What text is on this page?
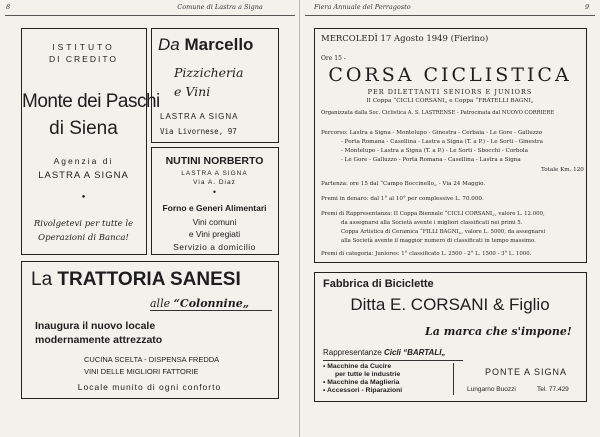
8	Comune di Lastra a Signa
ISTITUTO
DI CREDITO
Monte dei Paschi
di Siena
Agenzia di
LASTRA A SIGNA
•
Rivolgetevi per tutte le
Operazioni di Banca!
Da Marcello
Pizzicheria
e Vini
LASTRA A SIGNA
Via Livornese, 97
NUTINI NORBERTO
LASTRA A SIGNA
Via A. Diaz
•
Forno e Generi Alimentari
Vini comuni
e Vini pregiati
Servizio a domicilio
La TRATTORIA SANESI
alle “Colonnine„
Inaugura il nuovo locale
modernamente attrezzato
CUCINA SCELTA - DISPENSA FREDDA
VINI DELLE MIGLIORI FATTORIE
Locale munito di ogni conforto
Fiera Annuale del Perragosto	9
MERCOLEDÌ 17 Agosto 1949 (Fierino)
Ore 15 -
CORSA CICLISTICA
PER DILETTANTI SENIORS E JUNIORS
II Coppa “CICLI CORSANI„ e Coppa “FRATELLI BAGNI„
Organizzata dalla Soc. Ciclistica A. S. LASTRENSE - Patrocinata dal NUOVO CORRIERE
Percorso: Lastra a Signa - Montelupo - Ginestra - Cerbaia - Le Gore - Galluzzo
- Porta Romana - Casellina - Lastra a Signa (T. a P.) - Le Sorti - Ginestra
- Montelupo - Lastra a Signa (T. a P.) - Le Sorti - Sbocchi - Corbola
- Le Gore - Galluzzo - Porta Romana - Casellina - Lastra a Signa
Totale Km. 120
Partenza: ore 15 dal “Campo Boccinello„ - Via 24 Maggio.
Premi in denaro: dal 1° al 10° per complessive L. 70.000.
Premi di Rappresentanza: II Coppa Biennale “CICLI CORSANI„, valore L. 12.000,
da assegnarsi alla Società avente i migliori classificati nei primi 5.
Coppa Artistica di Ceramica “FILLI BAGNI„, valore L. 5000, da assegnarsi
alla Società avente il maggior numero di classificati in tempo massimo.
Premi di categoria: Juniores: 1° classificato L. 2500 - 2° L. 1500 - 3° L. 1000.
Fabbrica di Biciclette
Ditta E. CORSANI & Figlio
La marca che s'impone!
Rappresentanze Cicli “BARTALI„
• Macchine da Cucire
per tutte le industrie
• Macchine da Maglieria
• Accessori - Riparazioni
PONTE A SIGNA
Lungarno Buozzi	Tel. 77.429
